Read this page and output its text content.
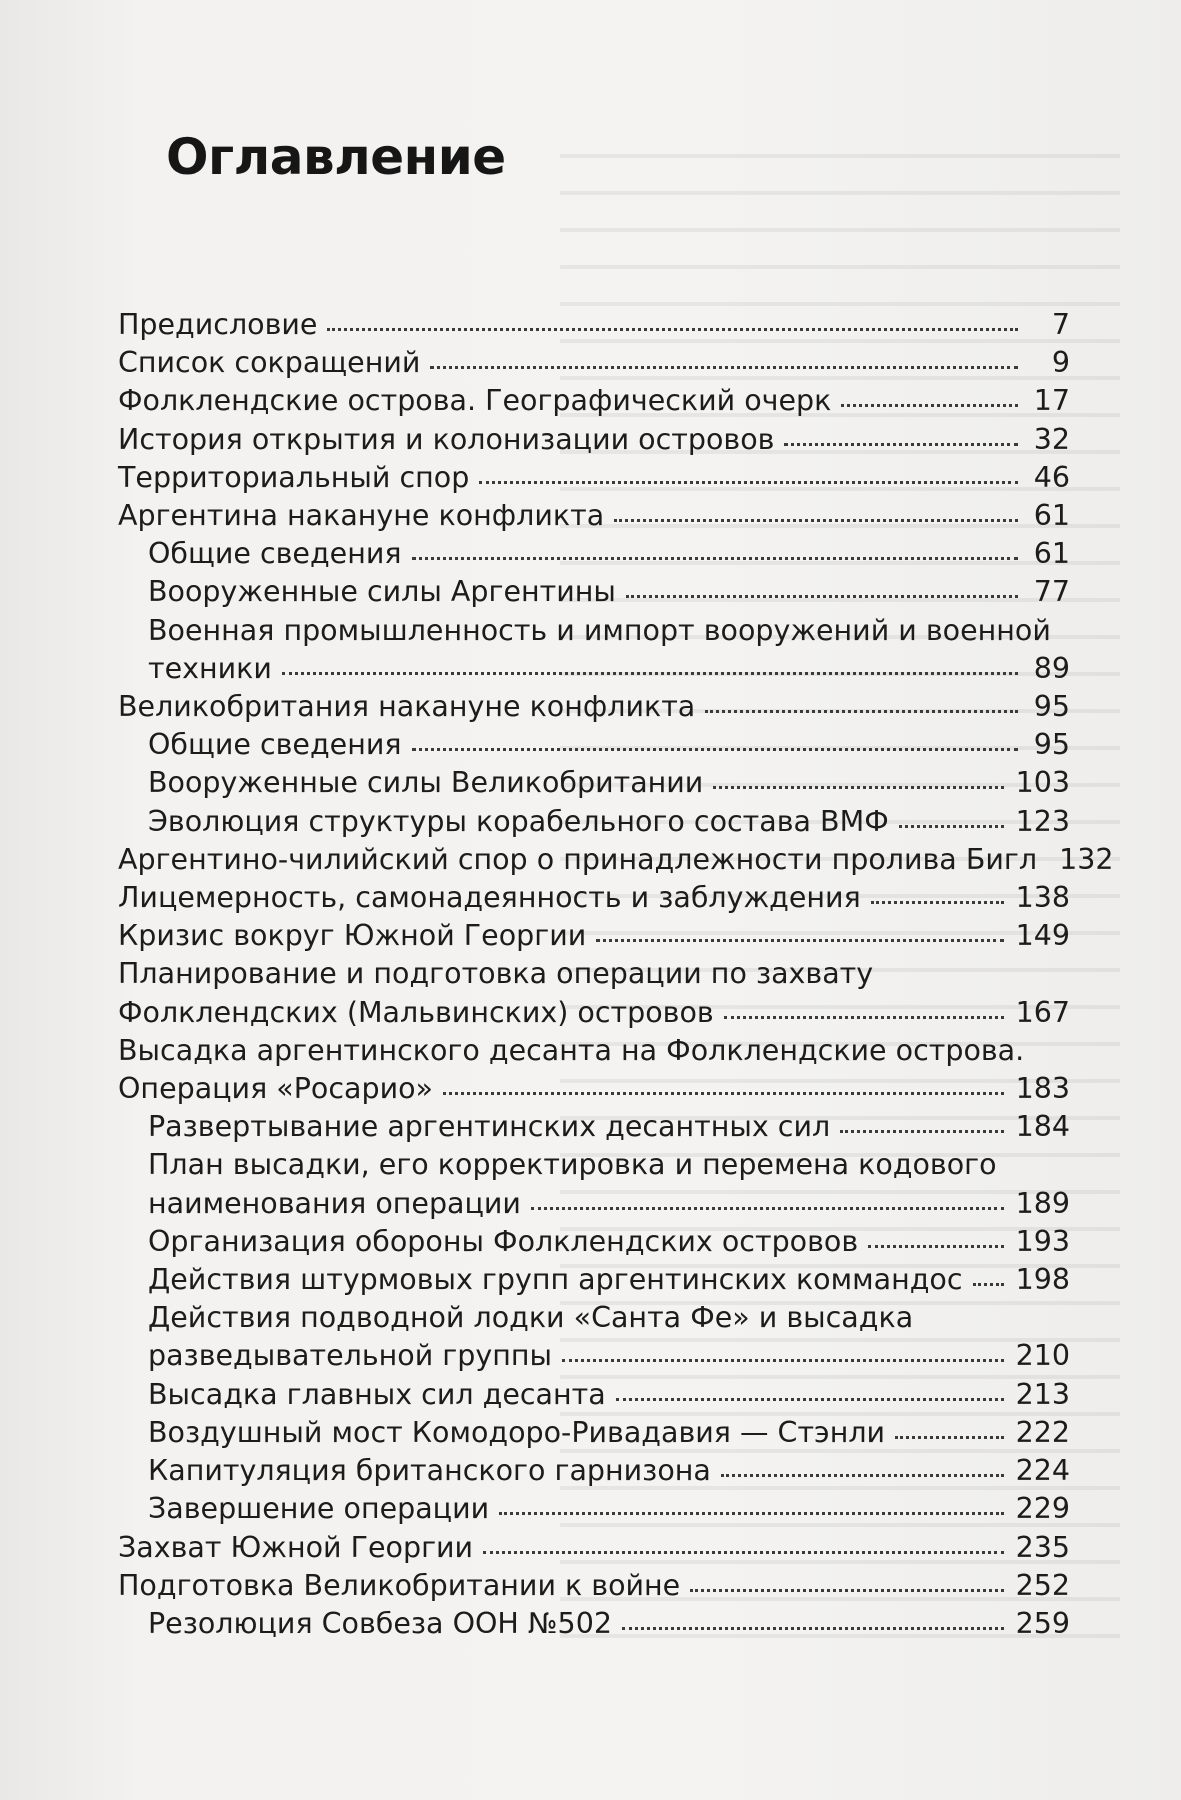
Оглавление
Предисловие	7
Список сокращений	9
Фолклендские острова. Географический очерк	17
История открытия и колонизации островов	32
Территориальный спор	46
Аргентина накануне конфликта	61
Общие сведения	61
Вооруженные силы Аргентины	77
Военная промышленность и импорт вооружений и военной
техники	89
Великобритания накануне конфликта	95
Общие сведения	95
Вооруженные силы Великобритании	103
Эволюция структуры корабельного состава ВМФ	123
Аргентино-чилийский спор о принадлежности пролива Бигл 132
Лицемерность, самонадеянность и заблуждения	138
Кризис вокруг Южной Георгии	149
Планирование и подготовка операции по захвату
Фолклендских (Мальвинских) островов	167
Высадка аргентинского десанта на Фолклендские острова.
Операция «Росарио»	183
Развертывание аргентинских десантных сил	184
План высадки, его корректировка и перемена кодового
наименования операции	189
Организация обороны Фолклендских островов	193
Действия штурмовых групп аргентинских коммандос 198
Действия подводной лодки «Санта Фе» и высадка
разведывательной группы	210
Высадка главных сил десанта	213
Воздушный мост Комодоро-Ривадавия — Стэнли	222
Капитуляция британского гарнизона	224
Завершение операции	229
Захват Южной Георгии	235
Подготовка Великобритании к войне	252
Резолюция Совбеза ООН №502	259
